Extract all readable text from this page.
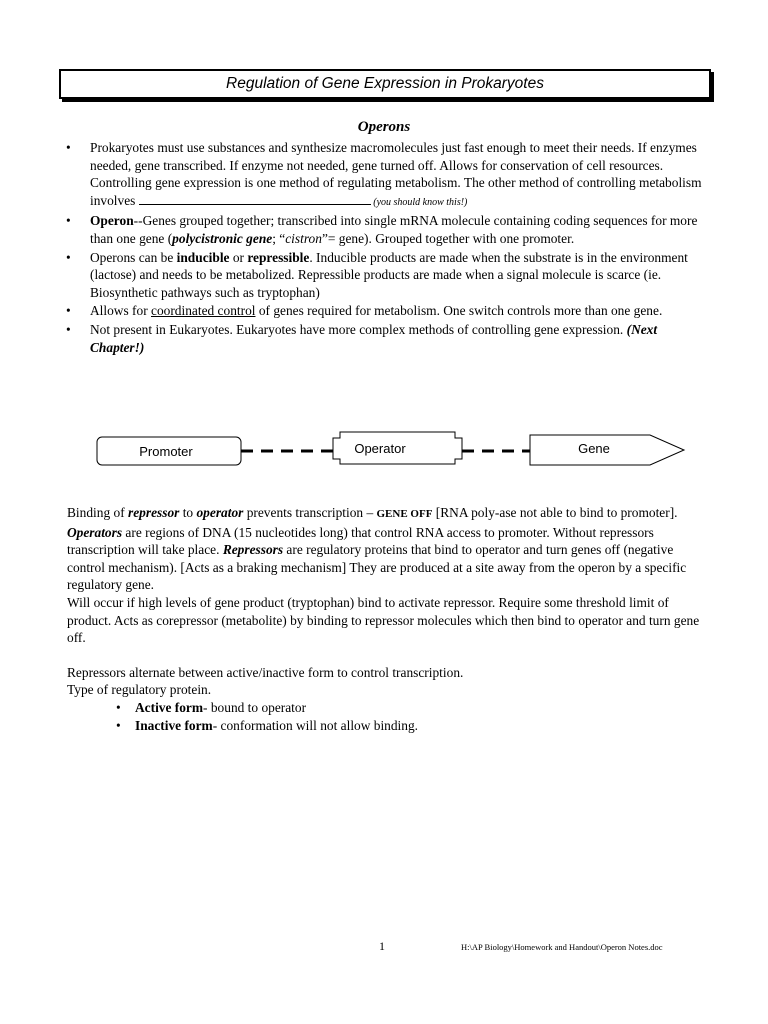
Regulation of Gene Expression in Prokaryotes
Operons
• Prokaryotes must use substances and synthesize macromolecules just fast enough to meet their needs. If enzymes needed, gene transcribed. If enzyme not needed, gene turned off. Allows for conservation of cell resources. Controlling gene expression is one method of regulating metabolism. The other method of controlling metabolism involves	(you should know this!)
• Operon--Genes grouped together; transcribed into single mRNA molecule containing coding sequences for more than one gene (polycistronic gene; “cistron”= gene). Grouped together with one promoter.
• Operons can be inducible or repressible. Inducible products are made when the substrate is in the environment (lactose) and needs to be metabolized. Repressible products are made when a signal molecule is scarce (ie. Biosynthetic pathways such as tryptophan)
• Allows for coordinated control of genes required for metabolism. One switch controls more than one gene.
• Not present in Eukaryotes. Eukaryotes have more complex methods of controlling gene expression. (Next Chapter!)
Promoter	Operator	Gene

Binding of repressor to operator prevents transcription – GENE OFF [RNA poly-ase not able to bind to promoter].

Operators are regions of DNA (15 nucleotides long) that control RNA access to promoter. Without repressors transcription will take place. Repressors are regulatory proteins that bind to operator and turn genes off (negative control mechanism). [Acts as a braking mechanism] They are produced at a site away from the operon by a specific regulatory gene.

Will occur if high levels of gene product (tryptophan) bind to activate repressor. Require some threshold limit of product. Acts as corepressor (metabolite) by binding to repressor molecules which then bind to operator and turn gene off.

Repressors alternate between active/inactive form to control transcription.

Type of regulatory protein.

•	Active form- bound to operator
•	Inactive form- conformation will not allow binding.
1	H:\AP Biology\Homework and Handout\Operon Notes.doc
